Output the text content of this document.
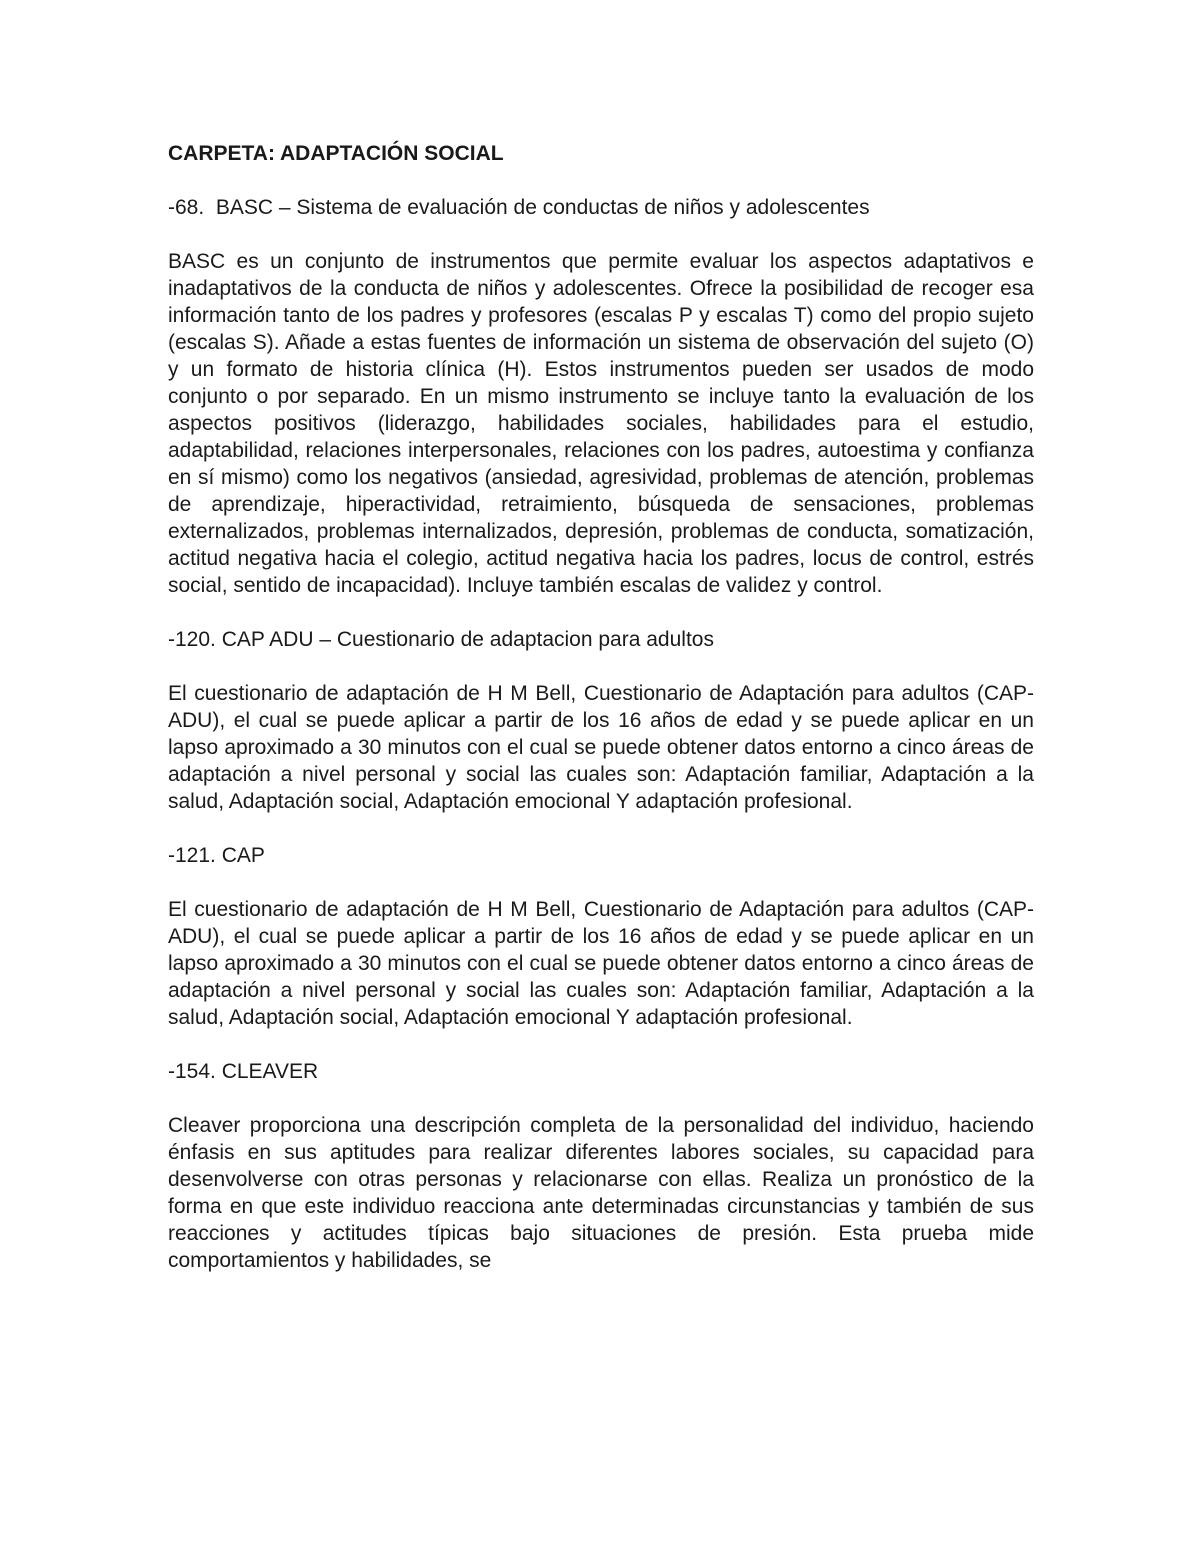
CARPETA: ADAPTACIÓN SOCIAL
-68.  BASC – Sistema de evaluación de conductas de niños y adolescentes
BASC es un conjunto de instrumentos que permite evaluar los aspectos adaptativos e inadaptativos de la conducta de niños y adolescentes. Ofrece la posibilidad de recoger esa información tanto de los padres y profesores (escalas P y escalas T) como del propio sujeto (escalas S). Añade a estas fuentes de información un sistema de observación del sujeto (O) y un formato de historia clínica (H). Estos instrumentos pueden ser usados de modo conjunto o por separado. En un mismo instrumento se incluye tanto la evaluación de los aspectos positivos (liderazgo, habilidades sociales, habilidades para el estudio, adaptabilidad, relaciones interpersonales, relaciones con los padres, autoestima y confianza en sí mismo) como los negativos (ansiedad, agresividad, problemas de atención, problemas de aprendizaje, hiperactividad, retraimiento, búsqueda de sensaciones, problemas externalizados, problemas internalizados, depresión, problemas de conducta, somatización, actitud negativa hacia el colegio, actitud negativa hacia los padres, locus de control, estrés social, sentido de incapacidad). Incluye también escalas de validez y control.
-120. CAP ADU – Cuestionario de adaptacion para adultos
El cuestionario de adaptación de H M Bell, Cuestionario de Adaptación para adultos (CAP-ADU), el cual se puede aplicar a partir de los 16 años de edad y se puede aplicar en un lapso aproximado a 30 minutos con el cual se puede obtener datos entorno a cinco áreas de adaptación a nivel personal y social las cuales son: Adaptación familiar, Adaptación a la salud, Adaptación social, Adaptación emocional Y adaptación profesional.
-121. CAP
El cuestionario de adaptación de H M Bell, Cuestionario de Adaptación para adultos (CAP-ADU), el cual se puede aplicar a partir de los 16 años de edad y se puede aplicar en un lapso aproximado a 30 minutos con el cual se puede obtener datos entorno a cinco áreas de adaptación a nivel personal y social las cuales son: Adaptación familiar, Adaptación a la salud, Adaptación social, Adaptación emocional Y adaptación profesional.
-154. CLEAVER
Cleaver proporciona una descripción completa de la personalidad del individuo, haciendo énfasis en sus aptitudes para realizar diferentes labores sociales, su capacidad para desenvolverse con otras personas y relacionarse con ellas. Realiza un pronóstico de la forma en que este individuo reacciona ante determinadas circunstancias y también de sus reacciones y actitudes típicas bajo situaciones de presión. Esta prueba mide comportamientos y habilidades, se
